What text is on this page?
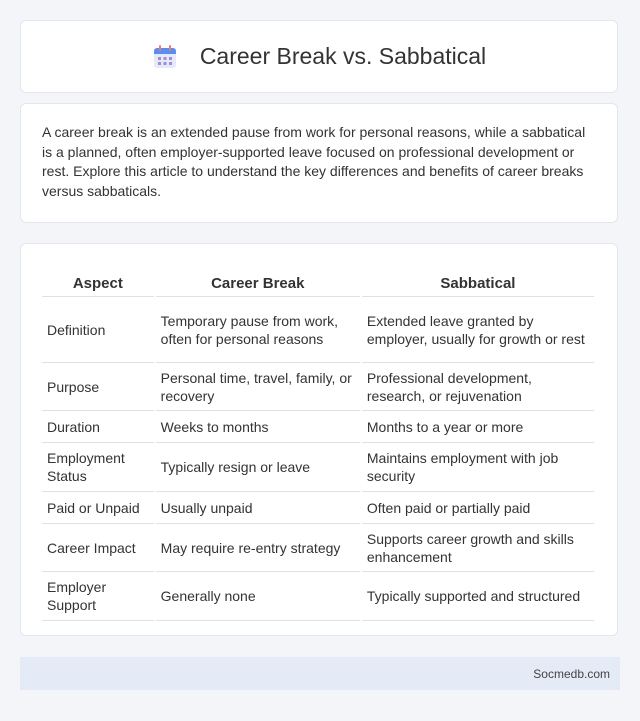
Career Break vs. Sabbatical

A career break is an extended pause from work for personal reasons, while a sabbatical is a planned, often employer-supported leave focused on professional development or rest. Explore this article to understand the key differences and benefits of career breaks versus sabbaticals.

Aspect	Career Break	Sabbatical
Definition	Temporary pause from work, often for personal reasons	Extended leave granted by employer, usually for growth or rest
Purpose	Personal time, travel, family, or recovery	Professional development, research, or rejuvenation
Duration	Weeks to months	Months to a year or more
Employment Status	Typically resign or leave	Maintains employment with job security
Paid or Unpaid	Usually unpaid	Often paid or partially paid
Career Impact	May require re-entry strategy	Supports career growth and skills enhancement
Employer Support	Generally none	Typically supported and structured
Socmedb.com
